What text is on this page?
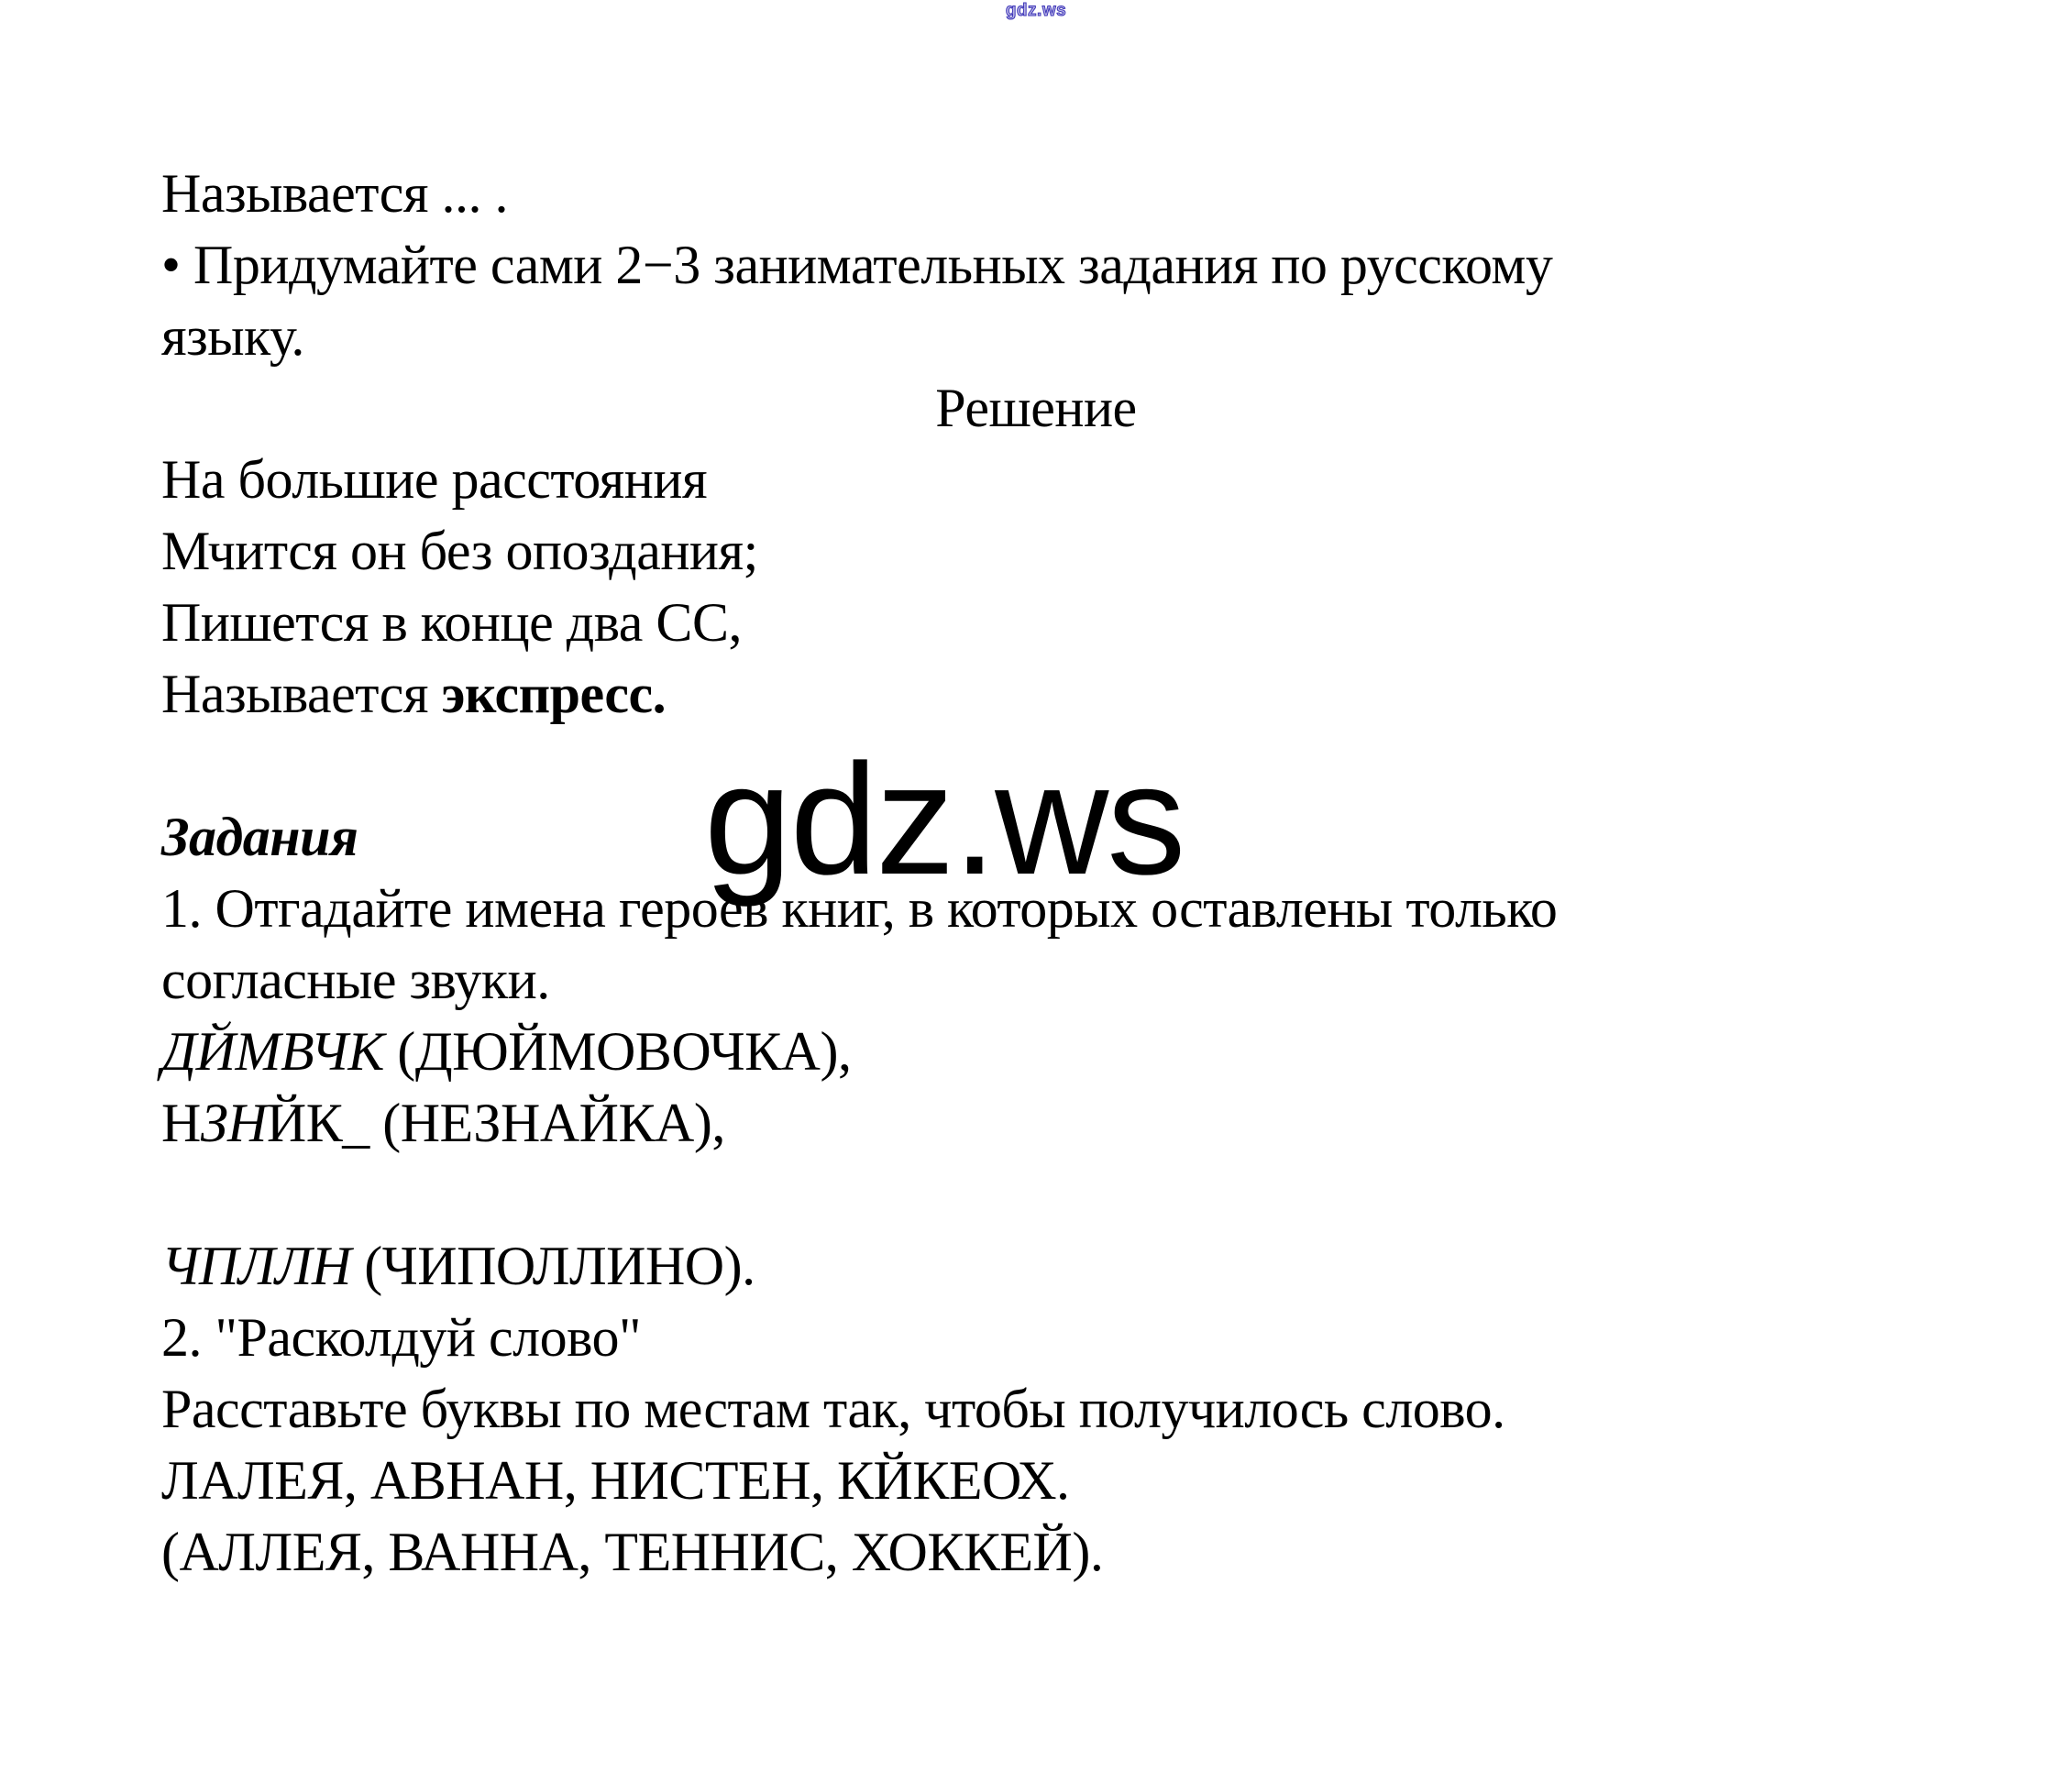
gdz.ws
gdz.ws
Называется ... .
• Придумайте сами 2−3 занимательных задания по русскому
языку.
Решение
На большие расстояния
Мчится он без опоздания;
Пишется в конце два СС,
Называется экспресс.

Задания
1. Отгадайте имена героев книг, в которых оставлены только
согласные звуки.
ДЙМВЧК (ДЮЙМОВОЧКА),
НЗНЙК_ (НЕЗНАЙКА),

ЧПЛЛН (ЧИПОЛЛИНО).
2. "Расколдуй слово"
Расставьте буквы по местам так, чтобы получилось слово.
ЛАЛЕЯ, АВНАН, НИСТЕН, КЙКЕОХ.
(АЛЛЕЯ, ВАННА, ТЕННИС, ХОККЕЙ).
